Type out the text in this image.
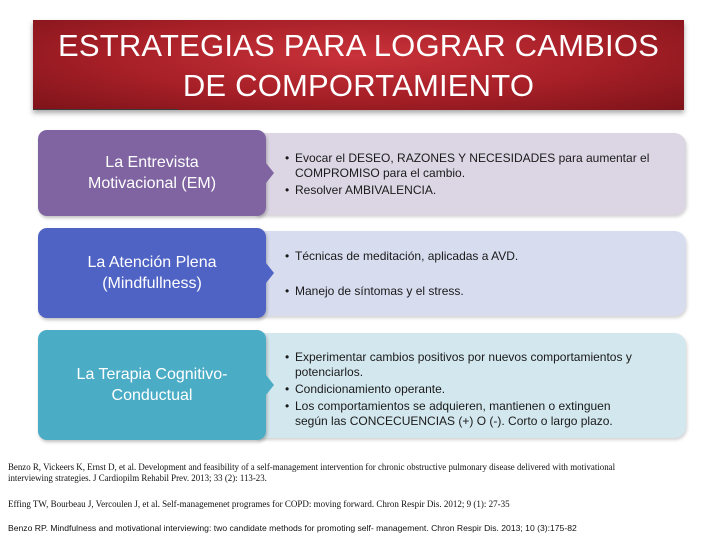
ESTRATEGIAS PARA LOGRAR CAMBIOS
DE COMPORTAMIENTO
La Entrevista
Motivacional (EM)
• Evocar el DESEO, RAZONES Y NECESIDADES para aumentar el
COMPROMISO para el cambio.
• Resolver AMBIVALENCIA.
La Atención Plena
(Mindfullness)
• Técnicas de meditación, aplicadas a AVD.
• Manejo de síntomas y el stress.
La Terapia Cognitivo-
Conductual
• Experimentar cambios positivos por nuevos comportamientos y
potenciarlos.
• Condicionamiento operante.
• Los comportamientos se adquieren, mantienen o extinguen
según las CONCECUENCIAS (+) O (-). Corto o largo plazo.
Benzo R, Vickeers K, Ernst D, et al. Development and feasibility of a self-management intervention for chronic obstructive pulmonary disease delivered with motivational
interviewing strategies. J Cardiopilm Rehabil Prev. 2013; 33 (2): 113-23.
Effing TW, Bourbeau J, Vercoulen J, et al. Self-managemenet programes for COPD: moving forward. Chron Respir Dis. 2012; 9 (1): 27-35
Benzo RP. Mindfulness and motivational interviewing: two candidate methods for promoting self- management. Chron Respir Dis. 2013; 10 (3):175-82
